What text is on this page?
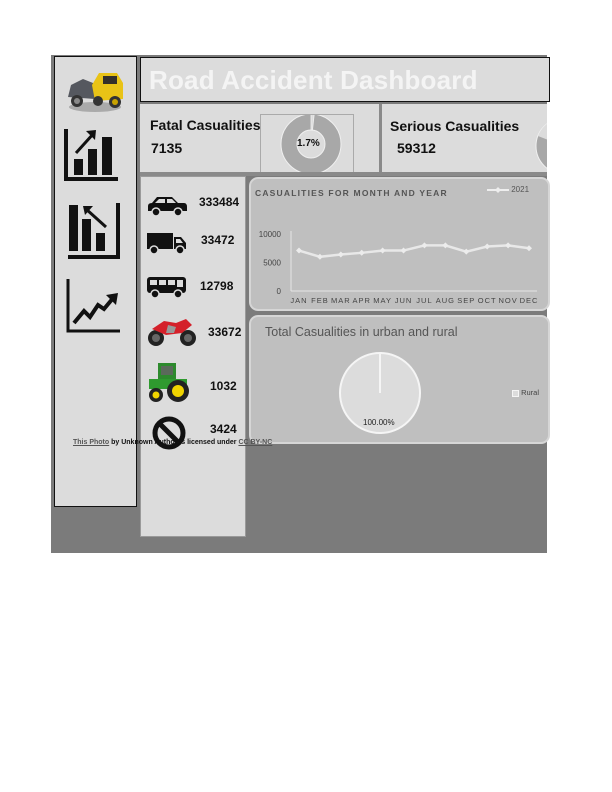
Road Accident Dashboard
Fatal Casualities
7135	1.7%
Serious Casualities
59312
333484
33472
12798
33672
1032
3424
CASUALITIES FOR MONTH AND YEAR	2021
0
5000
10000
JAN FEB MAR APR MAY JUN JUL AUG SEP OCT NOV DEC
Total Casualities in urban and rural
100.00%
Rural
This Photo by Unknown Author is licensed under CC BY-NC
